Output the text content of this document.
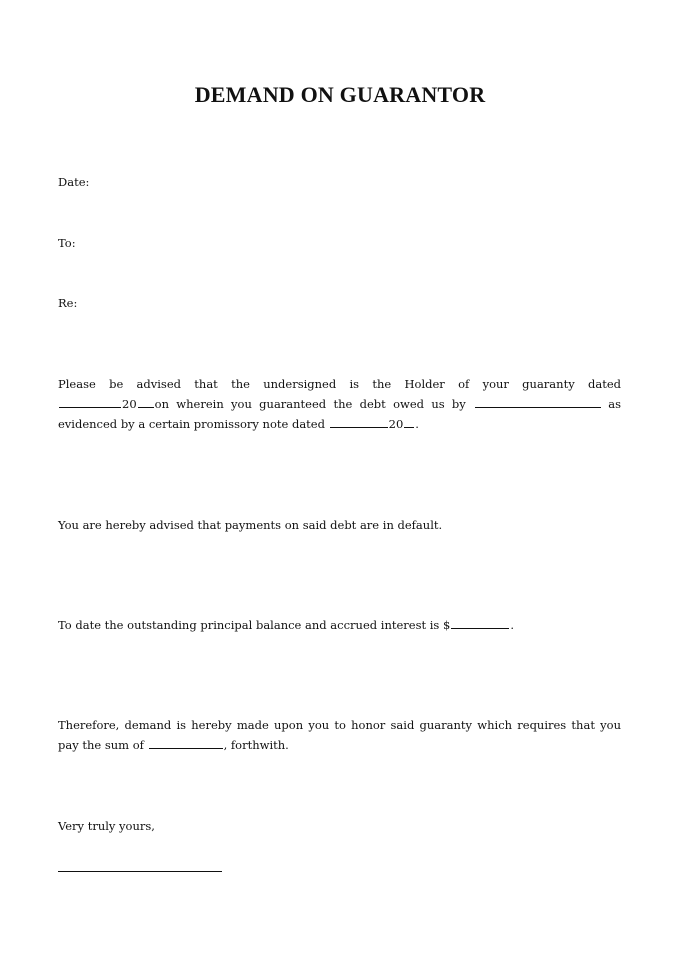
DEMAND ON GUARANTOR
Date:
To:
Re:
Please be advised that the undersigned is the Holder of your guaranty dated
20 on  wherein  you  guaranteed  the  debt  owed  us  by	as
evidenced by a certain promissory note dated	20 .
You are hereby advised that payments on said debt are in default.
To date the outstanding principal balance and accrued interest is $	.
Therefore, demand is hereby made upon you to honor said guaranty which requires that you
pay the sum of	, forthwith.
Very truly yours,
